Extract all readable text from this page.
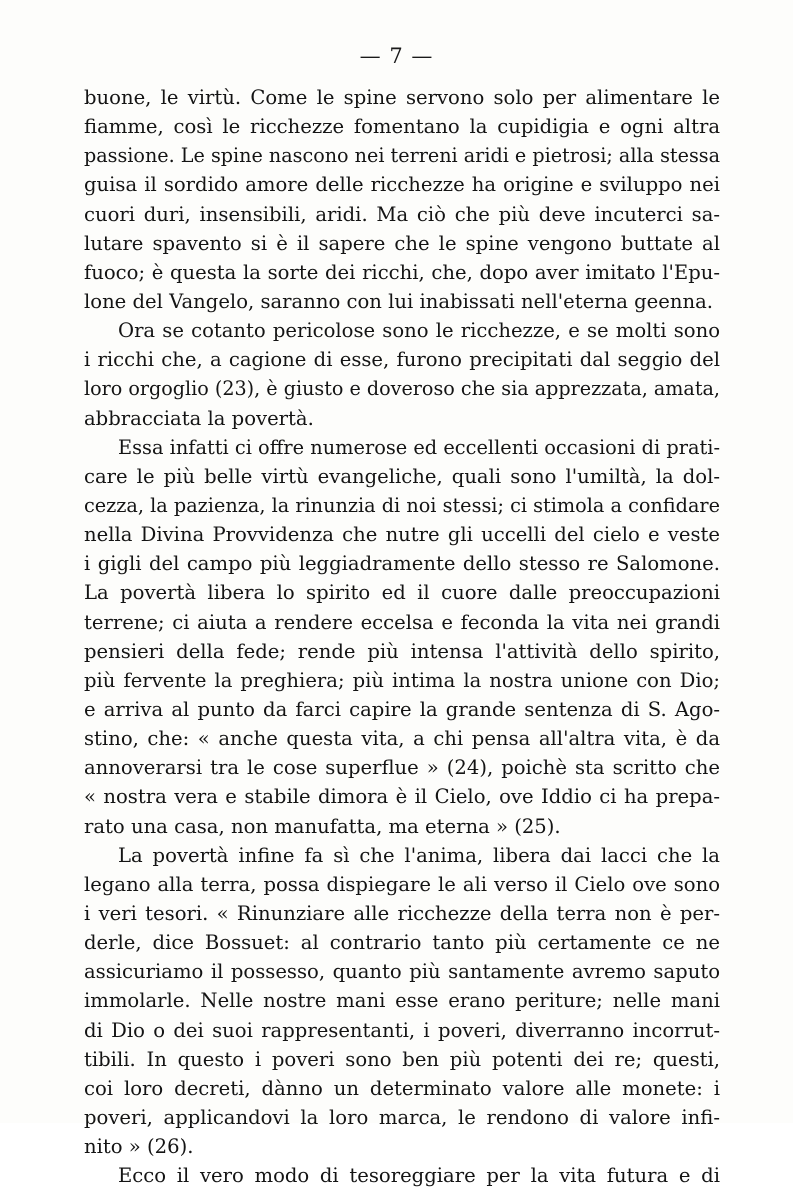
— 7 —
buone, le virtù. Come le spine servono solo per alimentare le
fiamme, così le ricchezze fomentano la cupidigia e ogni altra
passione. Le spine nascono nei terreni aridi e pietrosi; alla stessa
guisa il sordido amore delle ricchezze ha origine e sviluppo nei
cuori duri, insensibili, aridi. Ma ciò che più deve incuterci sa-
lutare spavento si è il sapere che le spine vengono buttate al
fuoco; è questa la sorte dei ricchi, che, dopo aver imitato l'Epu-
lone del Vangelo, saranno con lui inabissati nell'eterna geenna.
Ora se cotanto pericolose sono le ricchezze, e se molti sono
i ricchi che, a cagione di esse, furono precipitati dal seggio del
loro orgoglio (23), è giusto e doveroso che sia apprezzata, amata,
abbracciata la povertà.
Essa infatti ci offre numerose ed eccellenti occasioni di prati-
care le più belle virtù evangeliche, quali sono l'umiltà, la dol-
cezza, la pazienza, la rinunzia di noi stessi; ci stimola a confidare
nella Divina Provvidenza che nutre gli uccelli del cielo e veste
i gigli del campo più leggiadramente dello stesso re Salomone.
La povertà libera lo spirito ed il cuore dalle preoccupazioni
terrene; ci aiuta a rendere eccelsa e feconda la vita nei grandi
pensieri della fede; rende più intensa l'attività dello spirito,
più fervente la preghiera; più intima la nostra unione con Dio;
e arriva al punto da farci capire la grande sentenza di S. Ago-
stino, che: « anche questa vita, a chi pensa all'altra vita, è da
annoverarsi tra le cose superflue » (24), poichè sta scritto che
« nostra vera e stabile dimora è il Cielo, ove Iddio ci ha prepa-
rato una casa, non manufatta, ma eterna » (25).
La povertà infine fa sì che l'anima, libera dai lacci che la
legano alla terra, possa dispiegare le ali verso il Cielo ove sono
i veri tesori. « Rinunziare alle ricchezze della terra non è per-
derle, dice Bossuet: al contrario tanto più certamente ce ne
assicuriamo il possesso, quanto più santamente avremo saputo
immolarle. Nelle nostre mani esse erano periture; nelle mani
di Dio o dei suoi rappresentanti, i poveri, diverranno incorrut-
tibili. In questo i poveri sono ben più potenti dei re; questi,
coi loro decreti, dànno un determinato valore alle monete: i
poveri, applicandovi la loro marca, le rendono di valore infi-
nito » (26).
Ecco il vero modo di tesoreggiare per la vita futura e di
